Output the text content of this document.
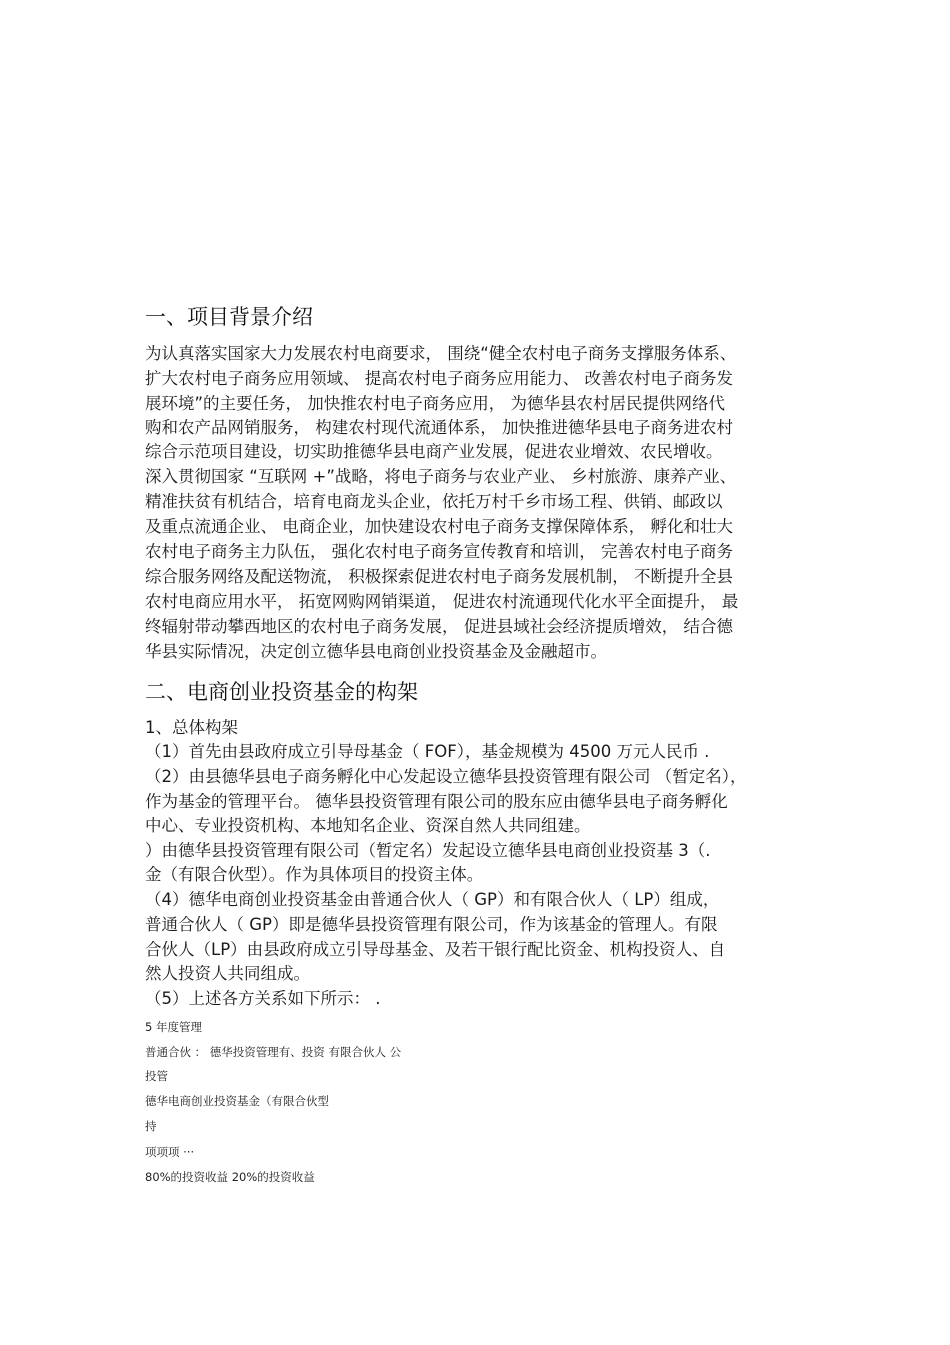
一、项目背景介绍

为认真落实国家大力发展农村电商要求， 围绕“健全农村电子商务支撑服务体系、

扩大农村电子商务应用领域、 提高农村电子商务应用能力、 改善农村电子商务发

展环境”的主要任务， 加快推农村电子商务应用， 为德华县农村居民提供网络代

购和农产品网销服务， 构建农村现代流通体系， 加快推进德华县电子商务进农村

综合示范项目建设，切实助推德华县电商产业发展，促进农业增效、农民增收。

深入贯彻国家 “互联网 +”战略，将电子商务与农业产业、 乡村旅游、康养产业、

精准扶贫有机结合，培育电商龙头企业，依托万村千乡市场工程、供销、邮政以

及重点流通企业、 电商企业，加快建设农村电子商务支撑保障体系， 孵化和壮大

农村电子商务主力队伍， 强化农村电子商务宣传教育和培训， 完善农村电子商务

综合服务网络及配送物流， 积极探索促进农村电子商务发展机制， 不断提升全县

农村电商应用水平， 拓宽网购网销渠道， 促进农村流通现代化水平全面提升， 最

终辐射带动攀西地区的农村电子商务发展， 促进县域社会经济提质增效， 结合德

华县实际情况，决定创立德华县电商创业投资基金及金融超市。

二、电商创业投资基金的构架

1、总体构架

（1）首先由县政府成立引导母基金（ FOF），基金规模为 4500 万元人民币 .

（2）由县德华县电子商务孵化中心发起设立德华县投资管理有限公司 （暂定名），

作为基金的管理平台。 德华县投资管理有限公司的股东应由德华县电子商务孵化

中心、专业投资机构、本地知名企业、资深自然人共同组建。

）由德华县投资管理有限公司（暂定名）发起设立德华县电商创业投资基 3（.

金（有限合伙型）。作为具体项目的投资主体。

（4）德华电商创业投资基金由普通合伙人（ GP）和有限合伙人（ LP）组成，

普通合伙人（ GP）即是德华县投资管理有限公司，作为该基金的管理人。有限

合伙人（LP）由县政府成立引导母基金、及若干银行配比资金、机构投资人、自

然人投资人共同组成。

（5）上述各方关系如下所示： .

5 年度管理

普通合伙 ： 德华投资管理有、投资 有限合伙人 公

投管

德华电商创业投资基金（有限合伙型

持

项项项 ···

80%的投资收益 20%的投资收益
